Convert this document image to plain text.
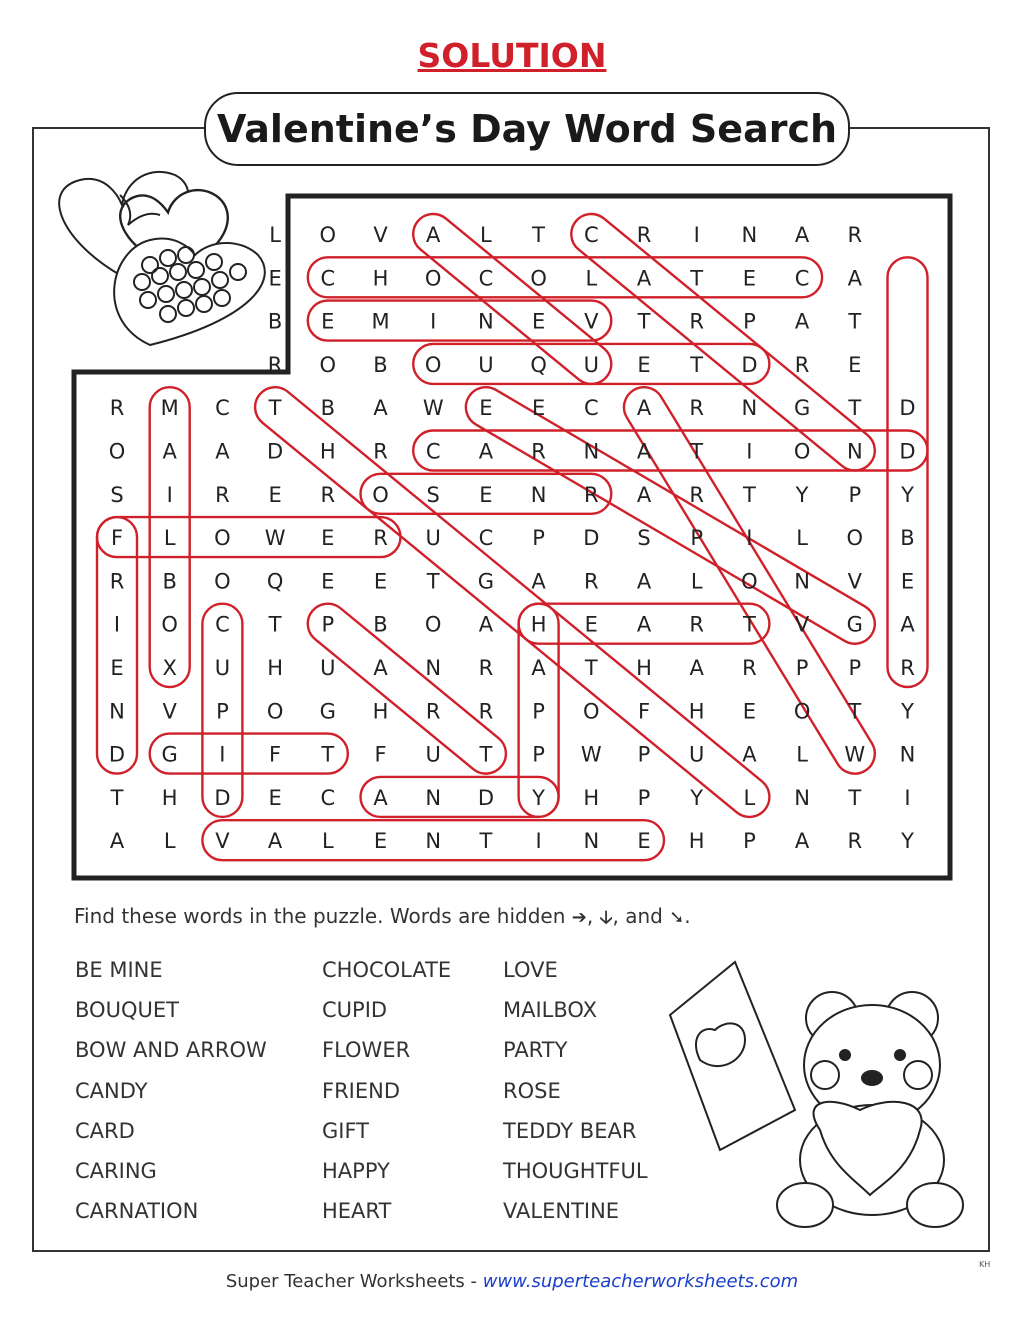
SOLUTION
Valentine’s Day Word Search
L O V A L T C R I N A R
E C H O C O L A T E C A
B E M I N E V T R P A T
R O B O U Q U E T D R E
R M C T B A W E E C A R N G T D
O A A D H R C A R N A T I O N D
S I R E R O S E N R A R T Y P Y
F L O W E R U C P D S P I L O B
R B O Q E E T G A R A L O N V E
I O C T P B O A H E A R T V G A
E X U H U A N R A T H A R P P R
N V P O G H R R P O F H E O T Y
D G I F T F U T P W P U A L W N
T H D E C A N D Y H P Y L N T I
A L V A L E N T I N E H P A R Y
Find these words in the puzzle. Words are hidden ➔, 🡣, and ➘.
BE MINE
BOUQUET
BOW AND ARROW
CANDY
CARD
CARING
CARNATION
CHOCOLATE
CUPID
FLOWER
FRIEND
GIFT
HAPPY
HEART
LOVE
MAILBOX
PARTY
ROSE
TEDDY BEAR
THOUGHTFUL
VALENTINE
Super Teacher Worksheets - www.superteacherworksheets.com
KH
